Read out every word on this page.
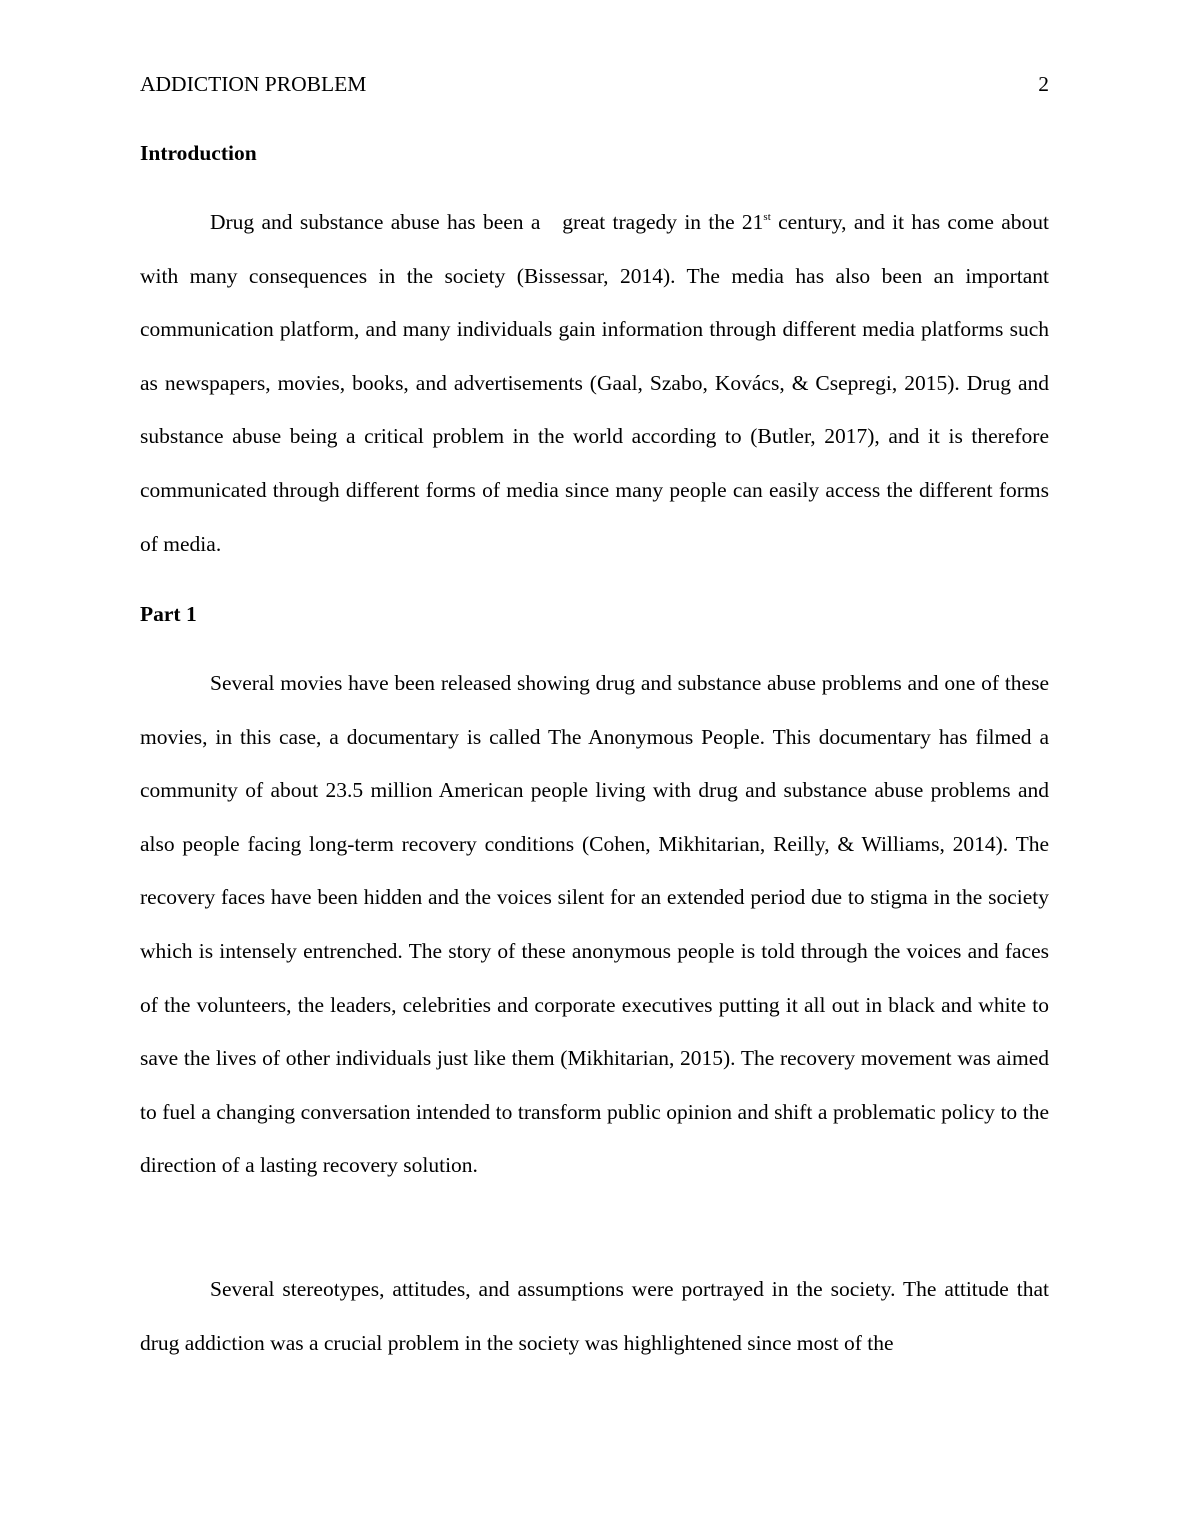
ADDICTION PROBLEM	2
Introduction

Drug and substance abuse has been a   great tragedy in the 21st century, and it has come about with many consequences in the society (Bissessar, 2014). The media has also been an important communication platform, and many individuals gain information through different media platforms such as newspapers, movies, books, and advertisements (Gaal, Szabo, Kovács, & Csepregi, 2015). Drug and substance abuse being a critical problem in the world according to (Butler, 2017), and it is therefore communicated through different forms of media since many people can easily access the different forms of media.

Part 1

Several movies have been released showing drug and substance abuse problems and one of these movies, in this case, a documentary is called The Anonymous People. This documentary has filmed a community of about 23.5 million American people living with drug and substance abuse problems and also people facing long-term recovery conditions (Cohen, Mikhitarian, Reilly, & Williams, 2014). The recovery faces have been hidden and the voices silent for an extended period due to stigma in the society which is intensely entrenched. The story of these anonymous people is told through the voices and faces of the volunteers, the leaders, celebrities and corporate executives putting it all out in black and white to save the lives of other individuals just like them (Mikhitarian, 2015). The recovery movement was aimed to fuel a changing conversation intended to transform public opinion and shift a problematic policy to the direction of a lasting recovery solution.

Several stereotypes, attitudes, and assumptions were portrayed in the society. The attitude that drug addiction was a crucial problem in the society was highlightened since most of the
